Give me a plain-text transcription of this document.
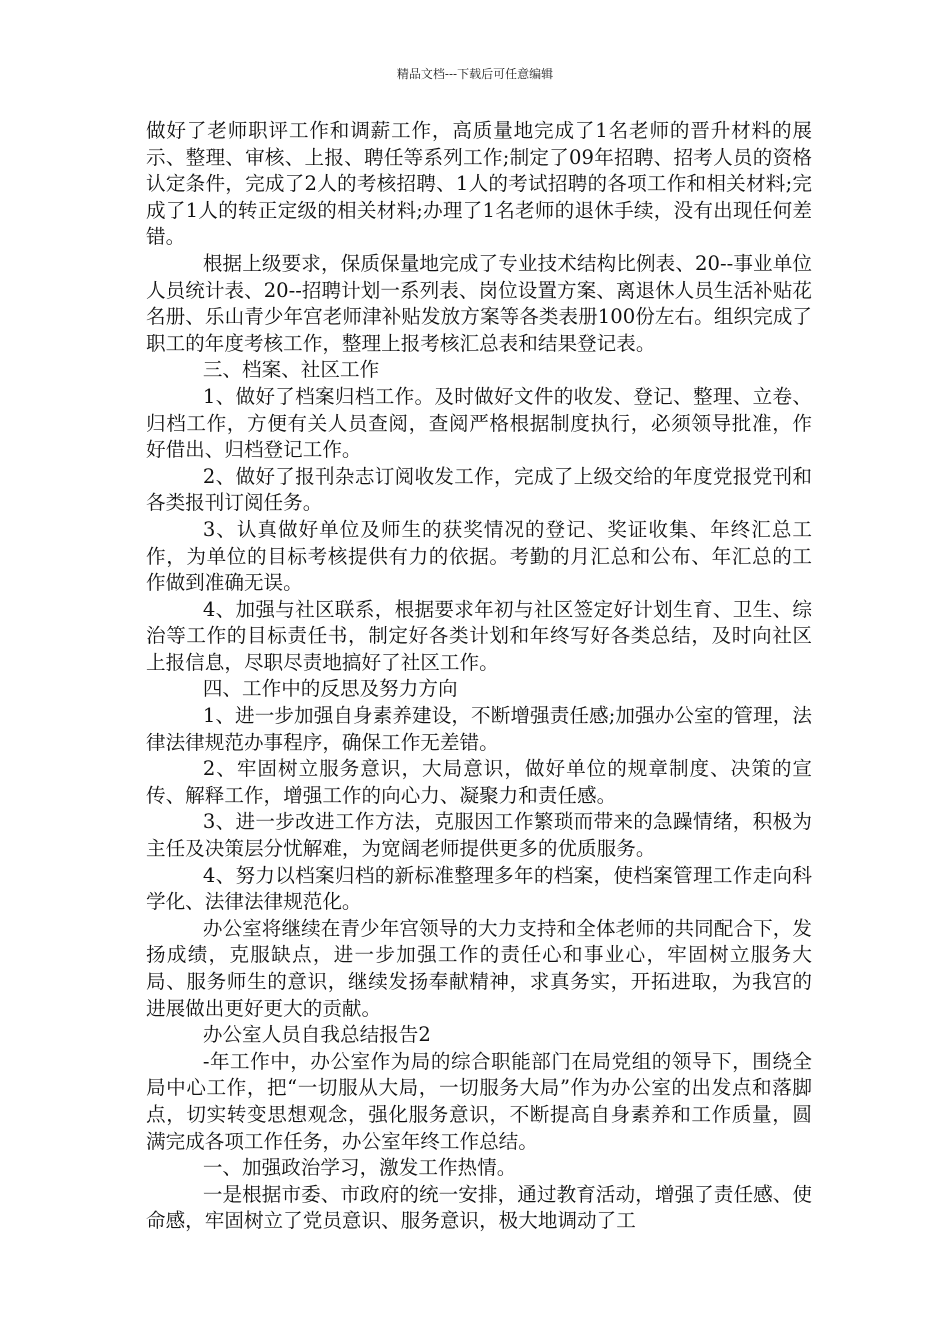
精品文档---下载后可任意编辑

做好了老师职评工作和调薪工作，高质量地完成了1名老师的晋升材料的展示、整理、审核、上报、聘任等系列工作;制定了09年招聘、招考人员的资格认定条件，完成了2人的考核招聘、1人的考试招聘的各项工作和相关材料;完成了1人的转正定级的相关材料;办理了1名老师的退休手续，没有出现任何差错。

根据上级要求，保质保量地完成了专业技术结构比例表、20--事业单位人员统计表、20--招聘计划一系列表、岗位设置方案、离退休人员生活补贴花名册、乐山青少年宫老师津补贴发放方案等各类表册100份左右。组织完成了职工的年度考核工作，整理上报考核汇总表和结果登记表。

三、档案、社区工作

1、做好了档案归档工作。及时做好文件的收发、登记、整理、立卷、归档工作，方便有关人员查阅，查阅严格根据制度执行，必须领导批准，作好借出、归档登记工作。

2、做好了报刊杂志订阅收发工作，完成了上级交给的年度党报党刊和各类报刊订阅任务。

3、认真做好单位及师生的获奖情况的登记、奖证收集、年终汇总工作，为单位的目标考核提供有力的依据。考勤的月汇总和公布、年汇总的工作做到准确无误。

4、加强与社区联系，根据要求年初与社区签定好计划生育、卫生、综治等工作的目标责任书，制定好各类计划和年终写好各类总结，及时向社区上报信息，尽职尽责地搞好了社区工作。

四、工作中的反思及努力方向

1、进一步加强自身素养建设，不断增强责任感;加强办公室的管理，法律法律规范办事程序，确保工作无差错。

2、牢固树立服务意识，大局意识，做好单位的规章制度、决策的宣传、解释工作，增强工作的向心力、凝聚力和责任感。

3、进一步改进工作方法，克服因工作繁琐而带来的急躁情绪，积极为主任及决策层分忧解难，为宽阔老师提供更多的优质服务。

4、努力以档案归档的新标准整理多年的档案，使档案管理工作走向科学化、法律法律规范化。

办公室将继续在青少年宫领导的大力支持和全体老师的共同配合下，发扬成绩，克服缺点，进一步加强工作的责任心和事业心，牢固树立服务大局、服务师生的意识，继续发扬奉献精神，求真务实，开拓进取，为我宫的进展做出更好更大的贡献。

办公室人员自我总结报告2

-年工作中，办公室作为局的综合职能部门在局党组的领导下，围绕全局中心工作，把“一切服从大局，一切服务大局”作为办公室的出发点和落脚点，切实转变思想观念，强化服务意识，不断提高自身素养和工作质量，圆满完成各项工作任务，办公室年终工作总结。

一、加强政治学习，激发工作热情。

一是根据市委、市政府的统一安排，通过教育活动，增强了责任感、使命感，牢固树立了党员意识、服务意识，极大地调动了工
